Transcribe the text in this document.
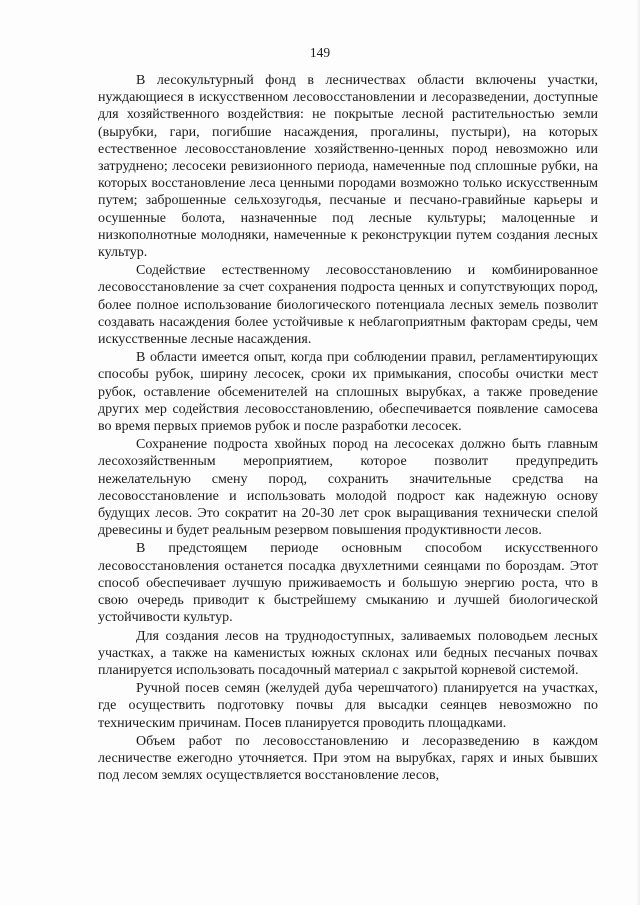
149

В лесокультурный фонд в лесничествах области включены участки, нуждающиеся в искусственном лесовосстановлении и лесоразведении, доступные для хозяйственного воздействия: не покрытые лесной растительностью земли (вырубки, гари, погибшие насаждения, прогалины, пустыри), на которых естественное лесовосстановление хозяйственно-ценных пород невозможно или затруднено; лесосеки ревизионного периода, намеченные под сплошные рубки, на которых восстановление леса ценными породами возможно только искусственным путем; заброшенные сельхозугодья, песчаные и песчано-гравийные карьеры и осушенные болота, назначенные под лесные культуры; малоценные и низкополнотные молодняки, намеченные к реконструкции путем создания лесных культур.

Содействие естественному лесовосстановлению и комбинированное лесовосстановление за счет сохранения подроста ценных и сопутствующих пород, более полное использование биологического потенциала лесных земель позволит создавать насаждения более устойчивые к неблагоприятным факторам среды, чем искусственные лесные насаждения.

В области имеется опыт, когда при соблюдении правил, регламентирующих способы рубок, ширину лесосек, сроки их примыкания, способы очистки мест рубок, оставление обсеменителей на сплошных вырубках, а также проведение других мер содействия лесовосстановлению, обеспечивается появление самосева во время первых приемов рубок и после разработки лесосек.

Сохранение подроста хвойных пород на лесосеках должно быть главным лесохозяйственным мероприятием, которое позволит предупредить нежелательную смену пород, сохранить значительные средства на лесовосстановление и использовать молодой подрост как надежную основу будущих лесов. Это сократит на 20-30 лет срок выращивания технически спелой древесины и будет реальным резервом повышения продуктивности лесов.

В предстоящем периоде основным способом искусственного лесовосстановления останется посадка двухлетними сеянцами по бороздам. Этот способ обеспечивает лучшую приживаемость и большую энергию роста, что в свою очередь приводит к быстрейшему смыканию и лучшей биологической устойчивости культур.

Для создания лесов на труднодоступных, заливаемых половодьем лесных участках, а также на каменистых южных склонах или бедных песчаных почвах планируется использовать посадочный материал с закрытой корневой системой.

Ручной посев семян (желудей дуба черешчатого) планируется на участках, где осуществить подготовку почвы для высадки сеянцев невозможно по техническим причинам. Посев планируется проводить площадками.

Объем работ по лесовосстановлению и лесоразведению в каждом лесничестве ежегодно уточняется. При этом на вырубках, гарях и иных бывших под лесом землях осуществляется восстановление лесов,
